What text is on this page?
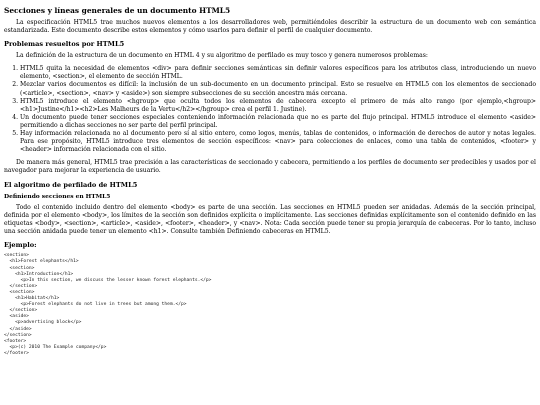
Secciones y líneas generales de un documento HTML5

La especificación HTML5 trae muchos nuevos elementos a los desarrolladores web, permitiéndoles describir la estructura de un documento web con semántica estandarizada. Este documento describe estos elementos y cómo usarlos para definir el perfil de cualquier documento.

Problemas resueltos por HTML5

La definición de la estructura de un documento en HTML 4 y su algoritmo de perfilado es muy tosco y genera numerosos problemas:

1. HTML5 quita la necesidad de elementos <div> para definir secciones semánticas sin definir valores específicos para los atributos class, introduciendo un nuevo elemento, <section>, el elemento de sección HTML.
2. Mezclar varios documentos es difícil: la inclusión de un sub-documento en un documento principal. Esto se resuelve en HTML5 con los elementos de seccionado (<article>, <section>, <nav> y <aside>) son siempre subsecciones de su sección ancestra más cercana.
3. HTML5 introduce el elemento <hgroup> que oculta todos los elementos de cabecera excepto el primero de más alto rango (por ejemplo,<hgroup><h1>Justine</h1><h2>Les Malheurs de la Vertu</h2></hgroup> crea el perfil 1. Justine).
4. Un documento puede tener secciones especiales conteniendo información relacionada que no es parte del flujo principal. HTML5 introduce el elemento <aside> permitiendo a dichas secciones no ser parte del perfil principal.
5. Hay información relacionada no al documento pero sí al sitio entero, como logos, menús, tablas de contenidos, o información de derechos de autor y notas legales. Para ese propósito, HTML5 introduce tres elementos de sección específicos: <nav> para colecciones de enlaces, como una tabla de contenidos, <footer> y <header> información relacionada con el sitio.

De manera más general, HTML5 trae precisión a las características de seccionado y cabecera, permitiendo a los perfiles de documento ser predecibles y usados por el navegador para mejorar la experiencia de usuario.

El algoritmo de perfilado de HTML5
Definiendo secciones en HTML5

Todo el contenido incluido dentro del elemento <body> es parte de una sección. Las secciones en HTML5 pueden ser anidadas. Además de la sección principal, definida por el elemento <body>, los límites de la sección son definidos explícita o implícitamente. Las secciones definidas explícitamente son el contenido definido en las etiquetas <body>, <section>, <article>, <aside>, <footer>, <header>, y <nav>. Nota: Cada sección puede tener su propia jerarquía de cabeceras. Por lo tanto, incluso una sección anidada puede tener un elemento <h1>. Consulte también Definiendo cabeceras en HTML5.

Ejemplo:
<section>
<h1>Forest elephants</h1>
<section>
<h1>Introduction</h1>
<p>In this section, we discuss the lesser known forest elephants.</p>
</section>
<section>
<h1>Habitat</h1>
<p>Forest elephants do not live in trees but among them.</p>
</section>
<aside>
<p>advertising block</p>
</aside>
</section>
<footer>
<p>(c) 2010 The Example company</p>
</footer>
